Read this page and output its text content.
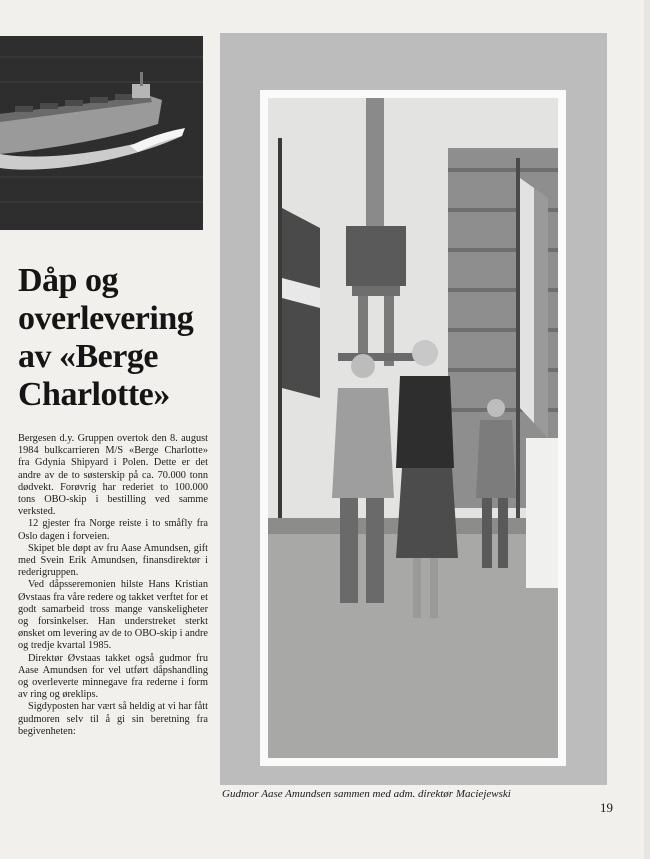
Dåp og
overlevering
av «Berge
Charlotte»

Bergesen d.y. Gruppen overtok den 8. august 1984 bulkcarrieren M/S «Berge Charlotte» fra Gdynia Shipyard i Polen. Dette er det andre av de to søsterskip på ca. 70.000 tonn dødvekt. Forøvrig har rederiet to 100.000 tons OBO-skip i bestilling ved samme verksted.

12 gjester fra Norge reiste i to småfly fra Oslo dagen i forveien.

Skipet ble døpt av fru Aase Amundsen, gift med Svein Erik Amundsen, finansdirektør i rederigruppen.

Ved dåpsseremonien hilste Hans Kristian Øvstaas fra våre redere og takket verftet for et godt samarbeid tross mange vanskeligheter og forsinkelser. Han understreket sterkt ønsket om levering av de to OBO-skip i andre og tredje kvartal 1985.

Direktør Øvstaas takket også gudmor fru Aase Amundsen for vel utført dåpshandling og overleverte minnegave fra rederne i form av ring og øreklips.

Sigdyposten har vært så heldig at vi har fått gudmoren selv til å gi sin beretning fra begivenheten:

Gudmor Aase Amundsen sammen med adm. direktør Maciejewski
19
